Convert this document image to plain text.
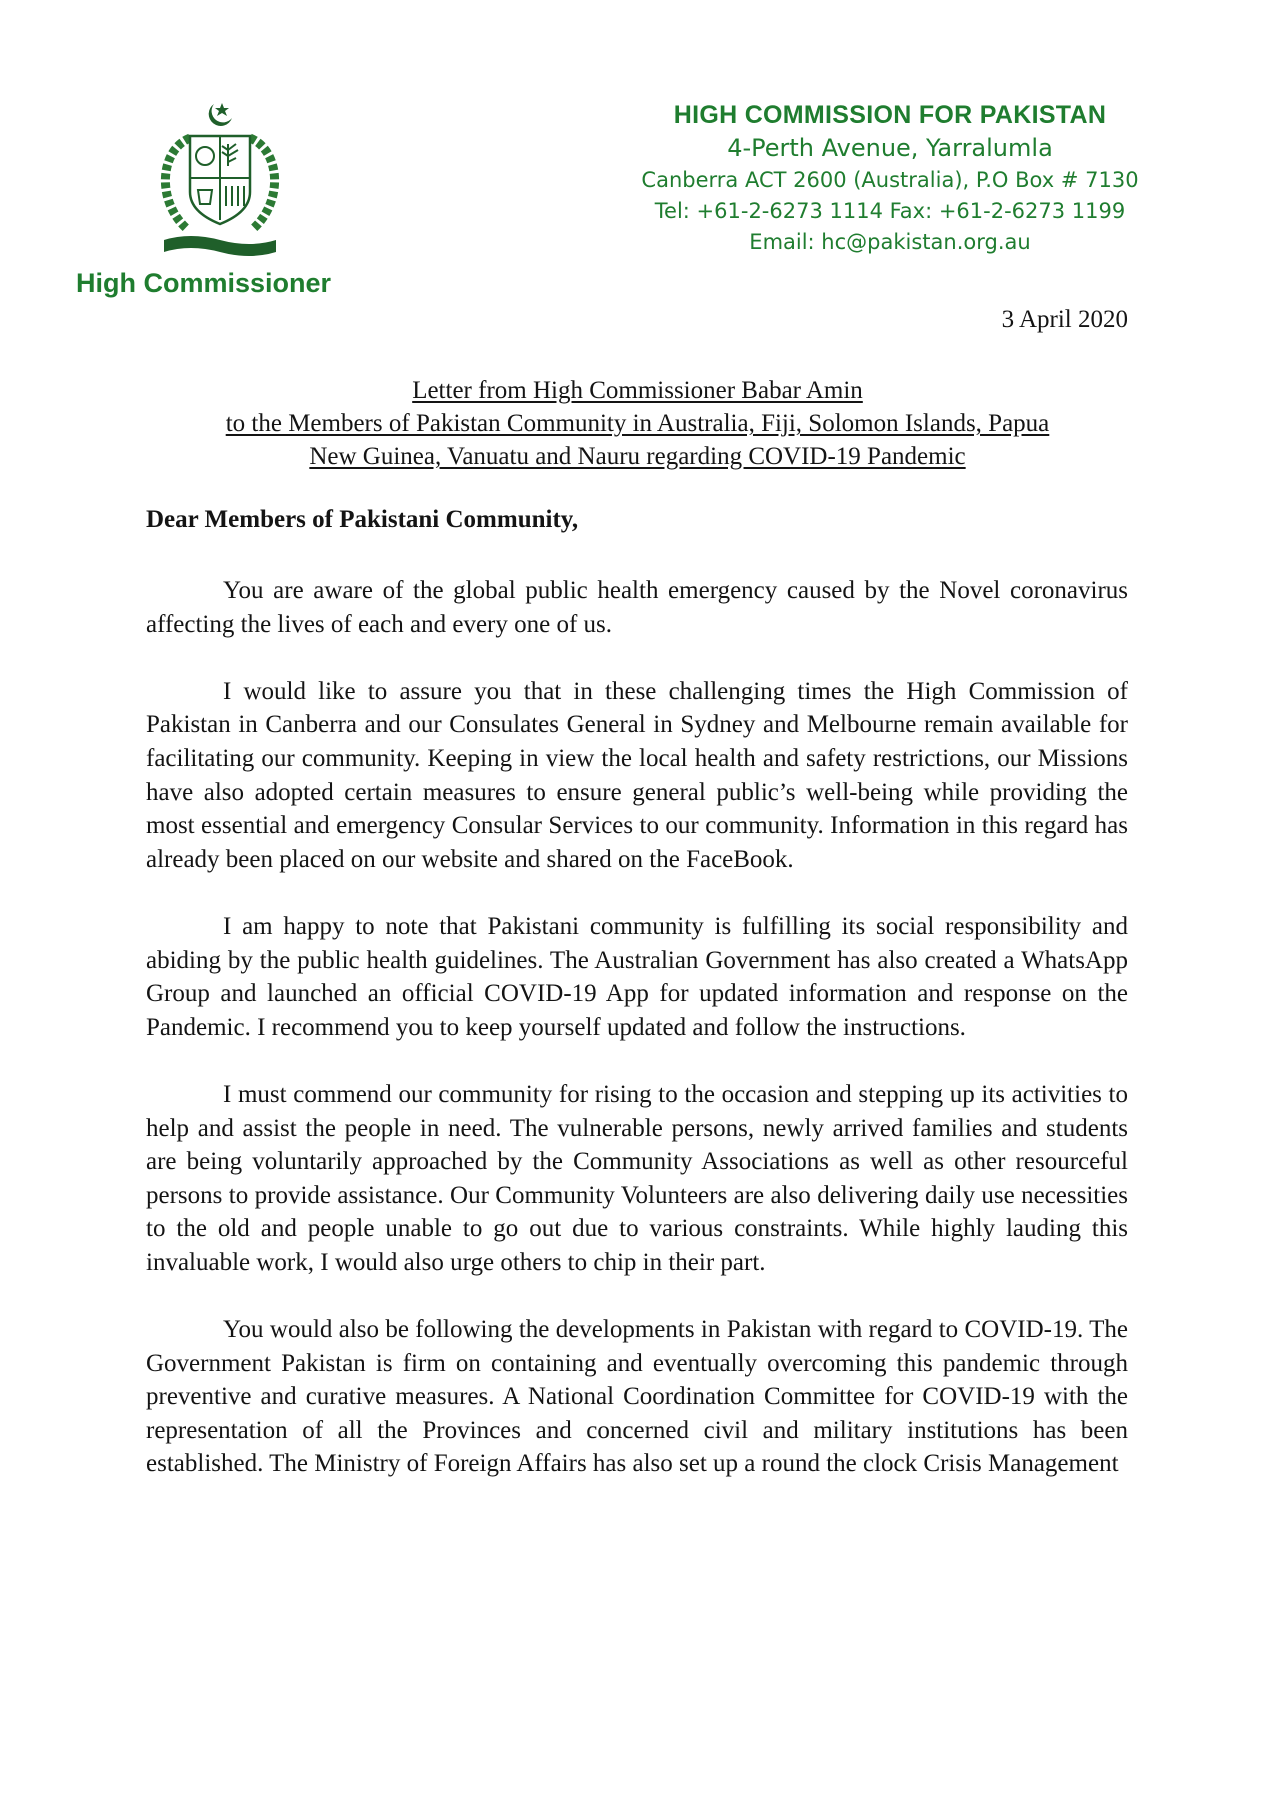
High Commissioner
HIGH COMMISSION FOR PAKISTAN
4-Perth Avenue, Yarralumla
Canberra ACT 2600 (Australia), P.O Box # 7130
Tel: +61-2-6273 1114 Fax: +61-2-6273 1199
Email: hc@pakistan.org.au
3 April 2020
Letter from High Commissioner Babar Amin
to the Members of Pakistan Community in Australia, Fiji, Solomon Islands, Papua
New Guinea, Vanuatu and Nauru regarding COVID-19 Pandemic
Dear Members of Pakistani Community,

You are aware of the global public health emergency caused by the Novel coronavirus affecting the lives of each and every one of us.

I would like to assure you that in these challenging times the High Commission of Pakistan in Canberra and our Consulates General in Sydney and Melbourne remain available for facilitating our community. Keeping in view the local health and safety restrictions, our Missions have also adopted certain measures to ensure general public’s well-being while providing the most essential and emergency Consular Services to our community. Information in this regard has already been placed on our website and shared on the FaceBook.

I am happy to note that Pakistani community is fulfilling its social responsibility and abiding by the public health guidelines. The Australian Government has also created a WhatsApp Group and launched an official COVID-19 App for updated information and response on the Pandemic. I recommend you to keep yourself updated and follow the instructions.

I must commend our community for rising to the occasion and stepping up its activities to help and assist the people in need. The vulnerable persons, newly arrived families and students are being voluntarily approached by the Community Associations as well as other resourceful persons to provide assistance. Our Community Volunteers are also delivering daily use necessities to the old and people unable to go out due to various constraints. While highly lauding this invaluable work, I would also urge others to chip in their part.

You would also be following the developments in Pakistan with regard to COVID-19. The Government Pakistan is firm on containing and eventually overcoming this pandemic through preventive and curative measures. A National Coordination Committee for COVID-19 with the representation of all the Provinces and concerned civil and military institutions has been established. The Ministry of Foreign Affairs has also set up a round the clock Crisis Management
